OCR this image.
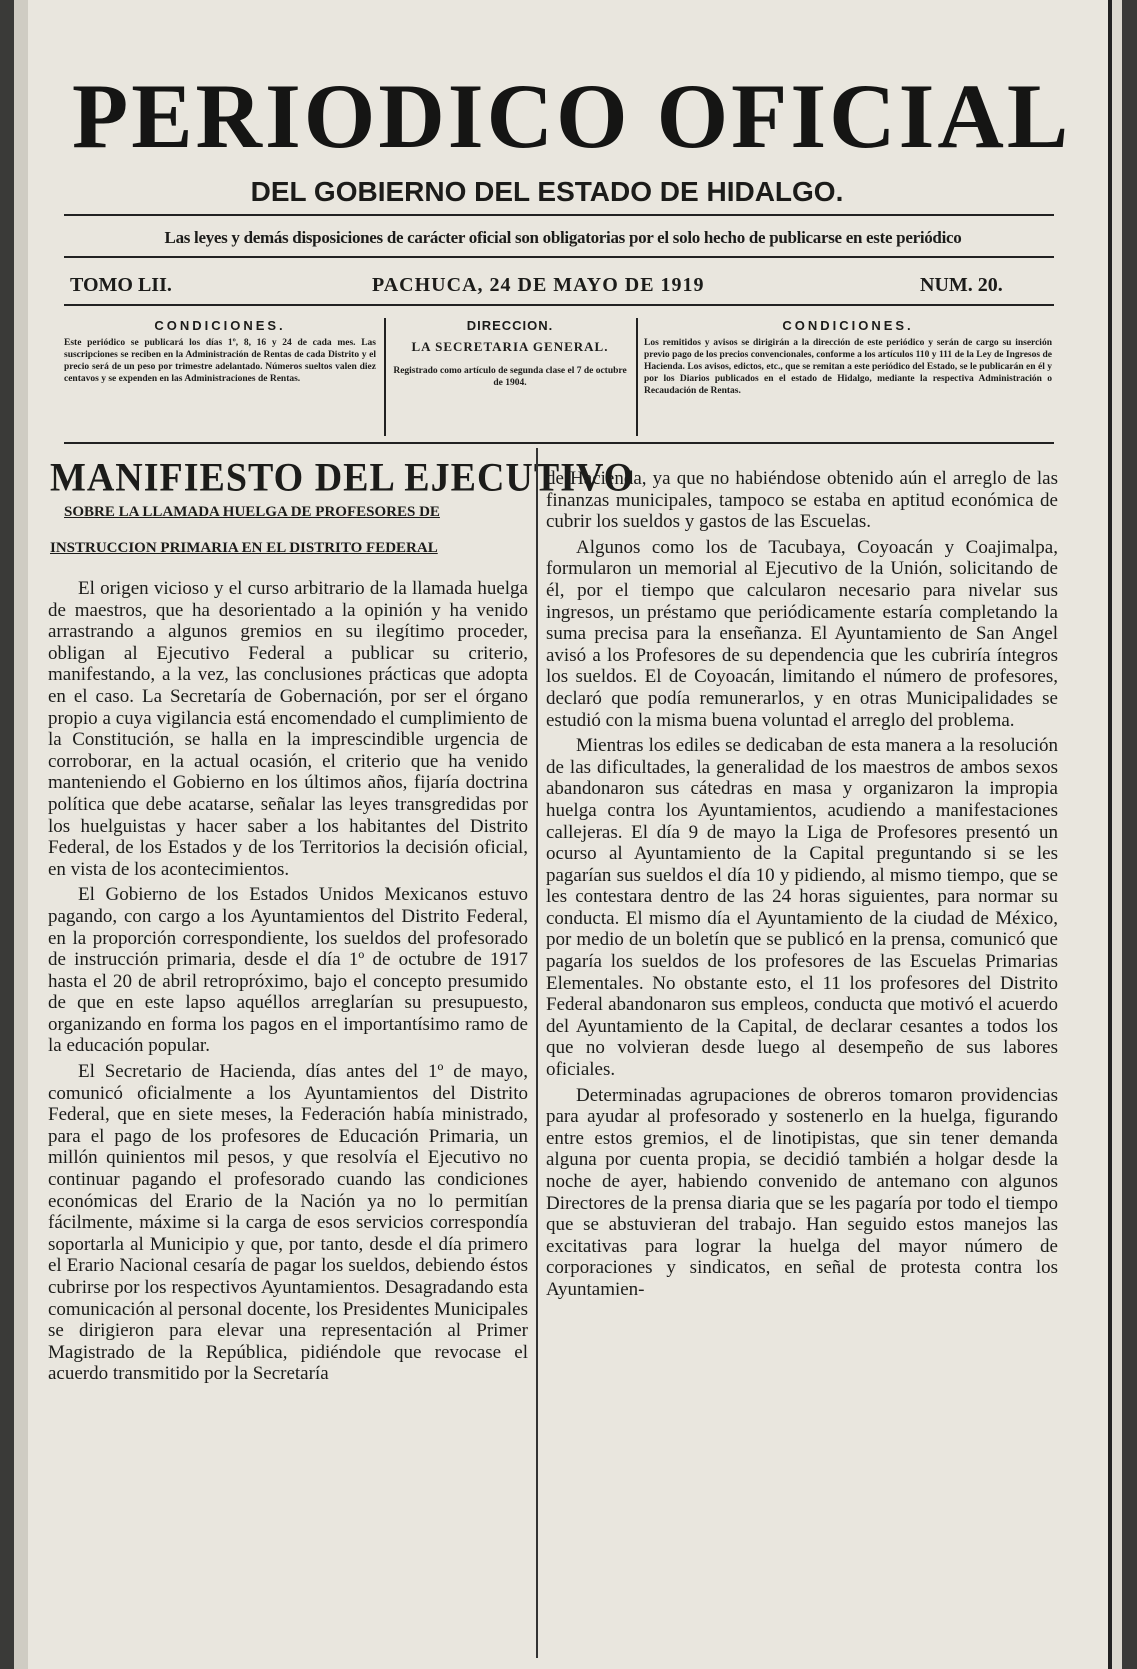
PERIODICO OFICIAL
DEL GOBIERNO DEL ESTADO DE HIDALGO.
Las leyes y demás disposiciones de carácter oficial son obligatorias por el solo hecho de publicarse en este periódico
TOMO LII.	PACHUCA, 24 DE MAYO DE 1919	NUM. 20.
CONDICIONES.
Este periódico se publicará los días 1º, 8, 16 y 24 de cada mes. Las suscripciones se reciben en la Administración de Rentas de cada Distrito y el precio será de un peso por trimestre adelantado. Números sueltos valen diez centavos y se expenden en las Administraciones de Rentas.
DIRECCION.
LA SECRETARIA GENERAL.
Registrado como artículo de segunda clase el 7 de octubre de 1904.
CONDICIONES.
Los remitidos y avisos se dirigirán a la dirección de este periódico y serán de cargo su inserción previo pago de los precios convencionales, conforme a los artículos 110 y 111 de la Ley de Ingresos de Hacienda. Los avisos, edictos, etc., que se remitan a este periódico del Estado, se le publicarán en él y por los Diarios publicados en el estado de Hidalgo, mediante la respectiva Administración o Recaudación de Rentas.
MANIFIESTO DEL EJECUTIVO
SOBRE LA LLAMADA HUELGA DE PROFESORES DE
INSTRUCCION PRIMARIA EN EL DISTRITO FEDERAL

El origen vicioso y el curso arbitrario de la llamada huelga de maestros, que ha desorientado a la opinión y ha venido arrastrando a algunos gremios en su ilegítimo proceder, obligan al Ejecutivo Federal a publicar su criterio, manifestando, a la vez, las conclusiones prácticas que adopta en el caso. La Secretaría de Gobernación, por ser el órgano propio a cuya vigilancia está encomendado el cumplimiento de la Constitución, se halla en la imprescindible urgencia de corroborar, en la actual ocasión, el criterio que ha venido manteniendo el Gobierno en los últimos años, fijaría doctrina política que debe acatarse, señalar las leyes transgredidas por los huelguistas y hacer saber a los habitantes del Distrito Federal, de los Estados y de los Territorios la decisión oficial, en vista de los acontecimientos.

El Gobierno de los Estados Unidos Mexicanos estuvo pagando, con cargo a los Ayuntamientos del Distrito Federal, en la proporción correspondiente, los sueldos del profesorado de instrucción primaria, desde el día 1º de octubre de 1917 hasta el 20 de abril retropróximo, bajo el concepto presumido de que en este lapso aquéllos arreglarían su presupuesto, organizando en forma los pagos en el importantísimo ramo de la educación popular.

El Secretario de Hacienda, días antes del 1º de mayo, comunicó oficialmente a los Ayuntamientos del Distrito Federal, que en siete meses, la Federación había ministrado, para el pago de los profesores de Educación Primaria, un millón quinientos mil pesos, y que resolvía el Ejecutivo no continuar pagando el profesorado cuando las condiciones económicas del Erario de la Nación ya no lo permitían fácilmente, máxime si la carga de esos servicios correspondía soportarla al Municipio y que, por tanto, desde el día primero el Erario Nacional cesaría de pagar los sueldos, debiendo éstos cubrirse por los respectivos Ayuntamientos. Desagradando esta comunicación al personal docente, los Presidentes Municipales se dirigieron para elevar una representación al Primer Magistrado de la República, pidiéndole que revocase el acuerdo transmitido por la Secretaría

de Hacienda, ya que no habiéndose obtenido aún el arreglo de las finanzas municipales, tampoco se estaba en aptitud económica de cubrir los sueldos y gastos de las Escuelas.

Algunos como los de Tacubaya, Coyoacán y Coajimalpa, formularon un memorial al Ejecutivo de la Unión, solicitando de él, por el tiempo que calcularon necesario para nivelar sus ingresos, un préstamo que periódicamente estaría completando la suma precisa para la enseñanza. El Ayuntamiento de San Angel avisó a los Profesores de su dependencia que les cubriría íntegros los sueldos. El de Coyoacán, limitando el número de profesores, declaró que podía remunerarlos, y en otras Municipalidades se estudió con la misma buena voluntad el arreglo del problema.

Mientras los ediles se dedicaban de esta manera a la resolución de las dificultades, la generalidad de los maestros de ambos sexos abandonaron sus cátedras en masa y organizaron la impropia huelga contra los Ayuntamientos, acudiendo a manifestaciones callejeras. El día 9 de mayo la Liga de Profesores presentó un ocurso al Ayuntamiento de la Capital preguntando si se les pagarían sus sueldos el día 10 y pidiendo, al mismo tiempo, que se les contestara dentro de las 24 horas siguientes, para normar su conducta. El mismo día el Ayuntamiento de la ciudad de México, por medio de un boletín que se publicó en la prensa, comunicó que pagaría los sueldos de los profesores de las Escuelas Primarias Elementales. No obstante esto, el 11 los profesores del Distrito Federal abandonaron sus empleos, conducta que motivó el acuerdo del Ayuntamiento de la Capital, de declarar cesantes a todos los que no volvieran desde luego al desempeño de sus labores oficiales.

Determinadas agrupaciones de obreros tomaron providencias para ayudar al profesorado y sostenerlo en la huelga, figurando entre estos gremios, el de linotipistas, que sin tener demanda alguna por cuenta propia, se decidió también a holgar desde la noche de ayer, habiendo convenido de antemano con algunos Directores de la prensa diaria que se les pagaría por todo el tiempo que se abstuvieran del trabajo. Han seguido estos manejos las excitativas para lograr la huelga del mayor número de corporaciones y sindicatos, en señal de protesta contra los Ayuntamien-
